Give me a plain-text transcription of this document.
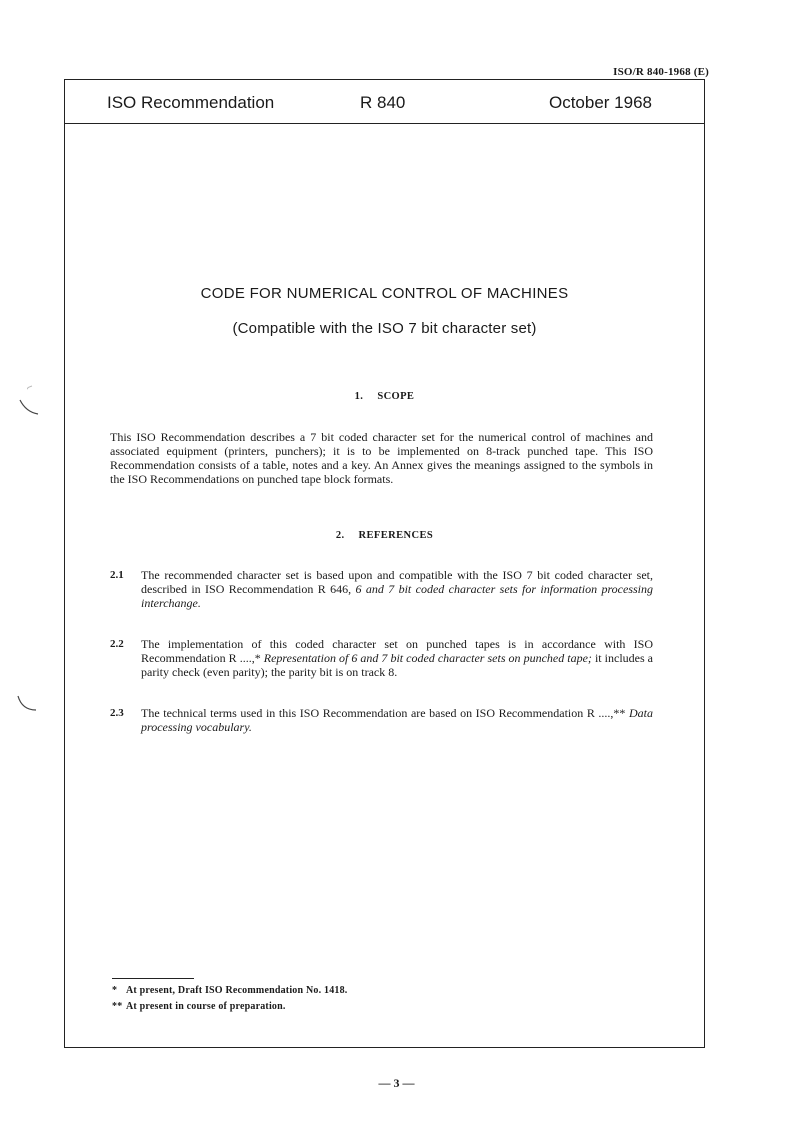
ISO/R 840-1968 (E)
ISO Recommendation	R 840	October 1968
CODE FOR NUMERICAL CONTROL OF MACHINES
(Compatible with the ISO 7 bit character set)
1. SCOPE
This ISO Recommendation describes a 7 bit coded character set for the numerical control of machines and associated equipment (printers, punchers); it is to be implemented on 8-track punched tape. This ISO Recommendation consists of a table, notes and a key. An Annex gives the meanings assigned to the symbols in the ISO Recommendations on punched tape block formats.
2. REFERENCES
2.1 The recommended character set is based upon and compatible with the ISO 7 bit coded character set, described in ISO Recommendation R 646, 6 and 7 bit coded character sets for information processing interchange.
2.2 The implementation of this coded character set on punched tapes is in accordance with ISO Recommendation R ....,* Representation of 6 and 7 bit coded character sets on punched tape; it includes a parity check (even parity); the parity bit is on track 8.
2.3 The technical terms used in this ISO Recommendation are based on ISO Recommendation R ....,** Data processing vocabulary.
* At present, Draft ISO Recommendation No. 1418.
** At present in course of preparation.
— 3 —
